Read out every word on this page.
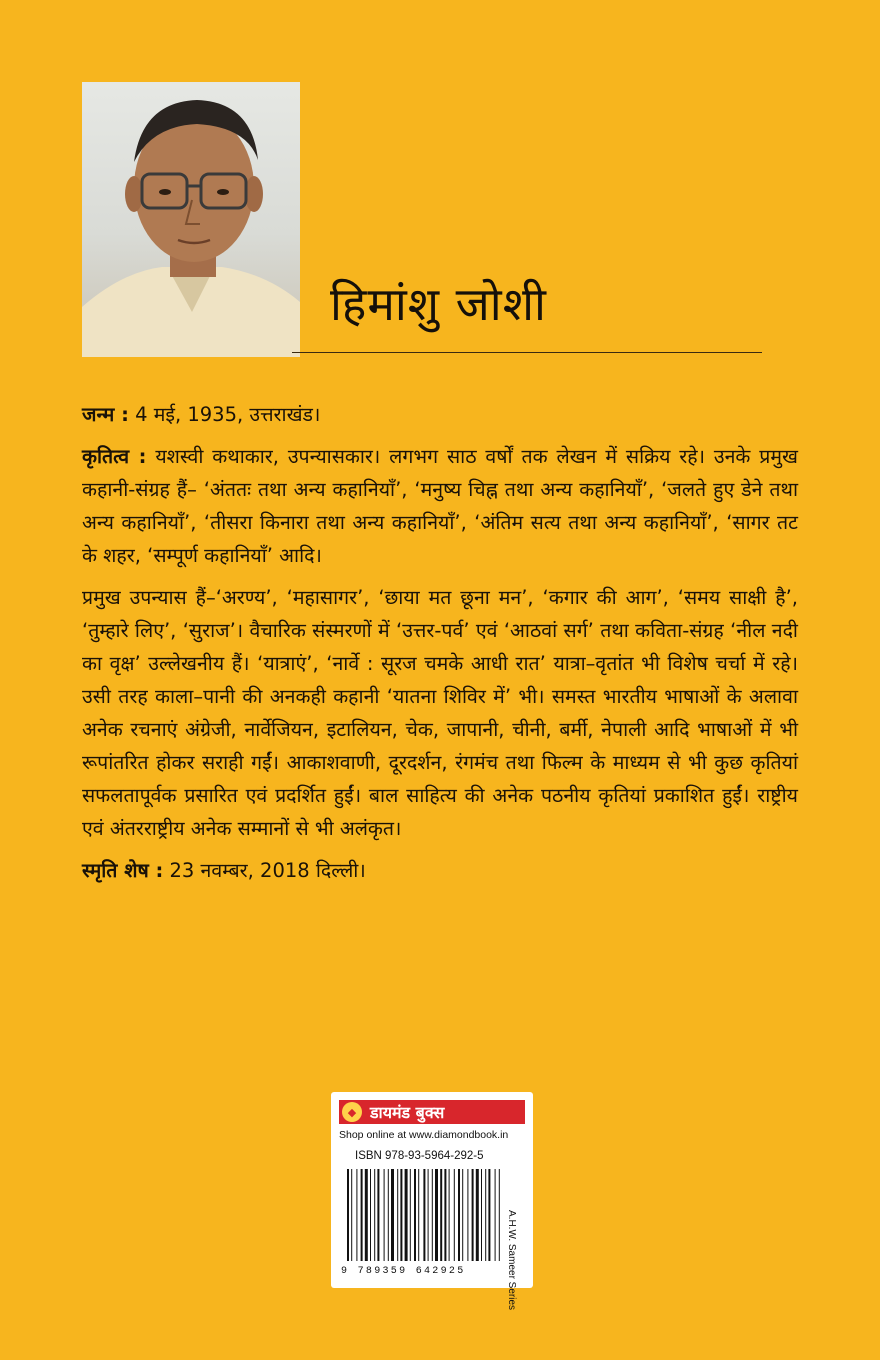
हिमांशु जोशी

जन्म : 4 मई, 1935, उत्तराखंड।

कृतित्व : यशस्वी कथाकार, उपन्यासकार। लगभग साठ वर्षों तक लेखन में सक्रिय रहे। उनके प्रमुख कहानी-संग्रह हैं– ‘अंततः तथा अन्य कहानियाँ’, ‘मनुष्य चिह्न तथा अन्य कहानियाँ’, ‘जलते हुए डेने तथा अन्य कहानियाँ’, ‘तीसरा किनारा तथा अन्य कहानियाँ’, ‘अंतिम सत्य तथा अन्य कहानियाँ’, ‘सागर तट के शहर, ‘सम्पूर्ण कहानियाँ’ आदि।

प्रमुख उपन्यास हैं–‘अरण्य’, ‘महासागर’, ‘छाया मत छूना मन’, ‘कगार की आग’, ‘समय साक्षी है’, ‘तुम्हारे लिए’, ‘सुराज’। वैचारिक संस्मरणों में ‘उत्तर-पर्व’ एवं ‘आठवां सर्ग’ तथा कविता-संग्रह ‘नील नदी का वृक्ष’ उल्लेखनीय हैं। ‘यात्राएं’, ‘नार्वे : सूरज चमके आधी रात’ यात्रा–वृतांत भी विशेष चर्चा में रहे। उसी तरह काला–पानी की अनकही कहानी ‘यातना शिविर में’ भी। समस्त भारतीय भाषाओं के अलावा अनेक रचनाएं अंग्रेजी, नार्वेजियन, इटालियन, चेक, जापानी, चीनी, बर्मी, नेपाली आदि भाषाओं में भी रूपांतरित होकर सराही गईं। आकाशवाणी, दूरदर्शन, रंगमंच तथा फिल्म के माध्यम से भी कुछ कृतियां सफलतापूर्वक प्रसारित एवं प्रदर्शित हुईं। बाल साहित्य की अनेक पठनीय कृतियां प्रकाशित हुईं। राष्ट्रीय एवं अंतरराष्ट्रीय अनेक सम्मानों से भी अलंकृत।

स्मृति शेष : 23 नवम्बर, 2018 दिल्ली।

◆ डायमंड बुक्स
Shop online at www.diamondbook.in
ISBN 978-93-5964-292-5
9 789359 642925	A.H.W. Sameer Series
